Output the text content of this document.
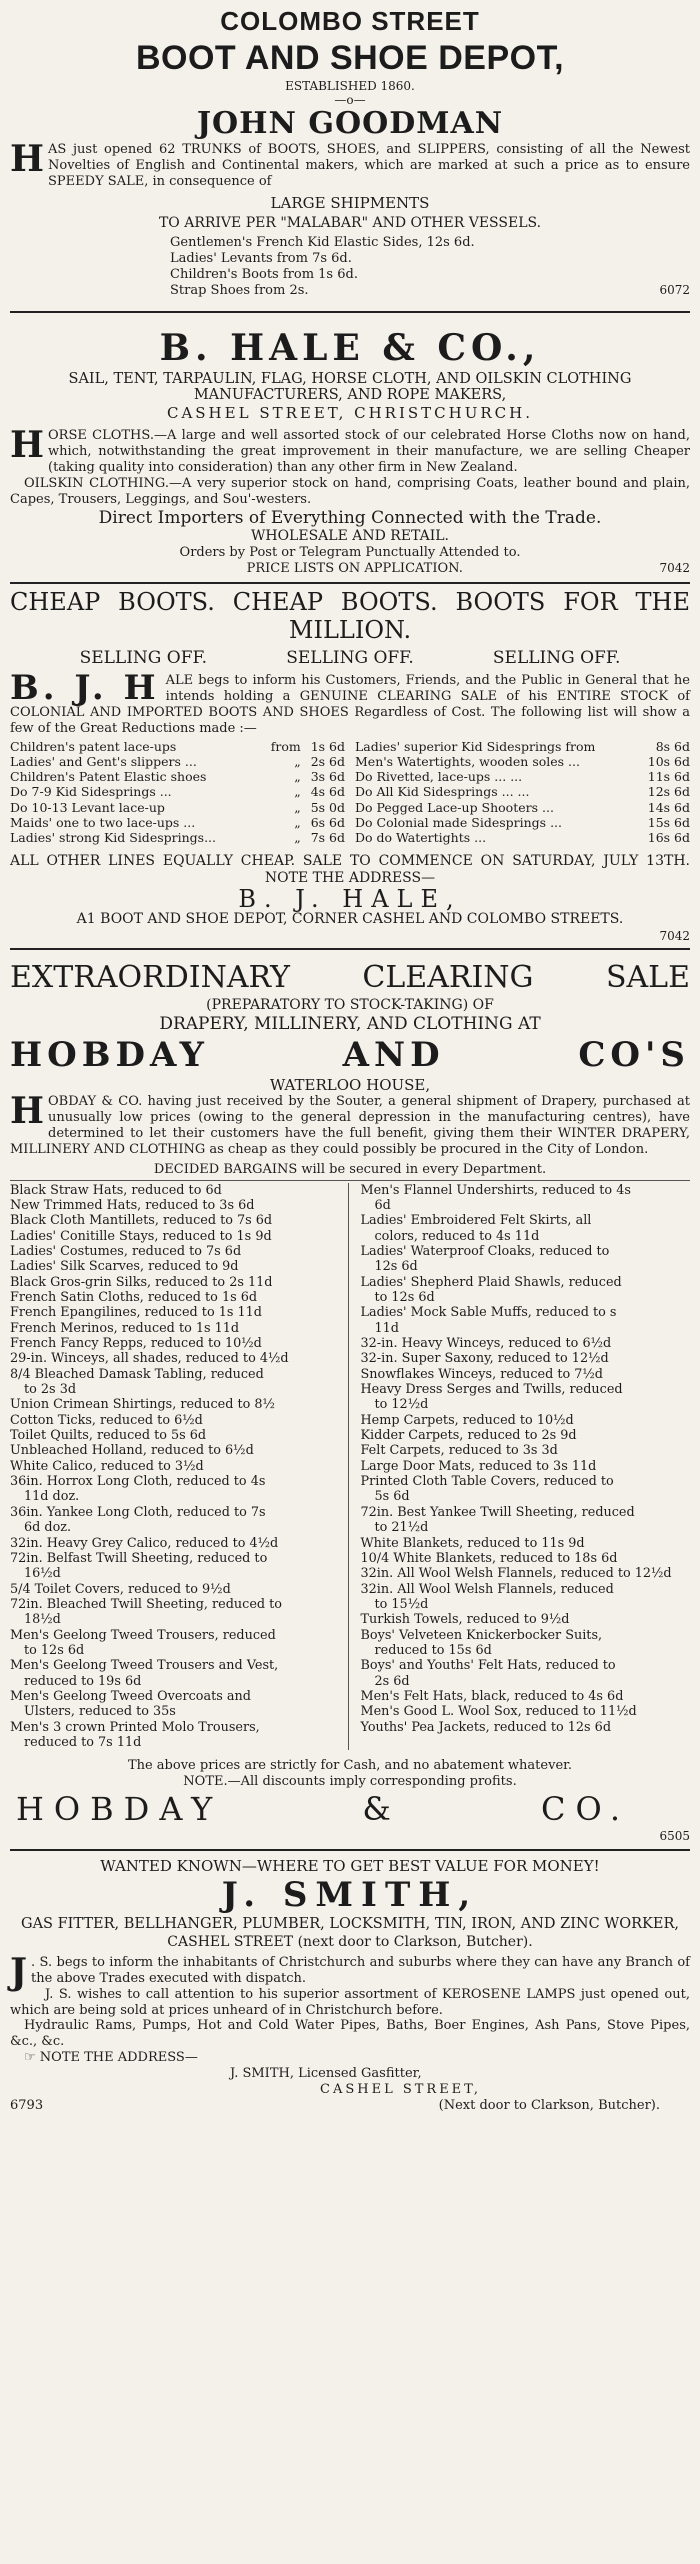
COLOMBO STREET
BOOT AND SHOE DEPOT,
ESTABLISHED 1860.
—o—
JOHN GOODMAN

HAS just opened 62 TRUNKS of BOOTS, SHOES, and SLIPPERS, consisting of all the Newest Novelties of English and Continental makers, which are marked at such a price as to ensure SPEEDY SALE, in consequence of

LARGE SHIPMENTS
TO ARRIVE PER "MALABAR" AND OTHER VESSELS.
Gentlemen's French Kid Elastic Sides, 12s 6d.
Ladies' Levants from 7s 6d.
Children's Boots from 1s 6d.
Strap Shoes from 2s.	6072
B. HALE & CO.,
SAIL, TENT, TARPAULIN, FLAG, HORSE CLOTH, AND OILSKIN CLOTHING MANUFACTURERS, AND ROPE MAKERS,
CASHEL STREET, CHRISTCHURCH.

HORSE CLOTHS.—A large and well assorted stock of our celebrated Horse Cloths now on hand, which, notwithstanding the great improvement in their manufacture, we are selling Cheaper (taking quality into consideration) than any other firm in New Zealand.

OILSKIN CLOTHING.—A very superior stock on hand, comprising Coats, leather bound and plain, Capes, Trousers, Leggings, and Sou'-westers.

Direct Importers of Everything Connected with the Trade.
WHOLESALE AND RETAIL.
Orders by Post or Telegram Punctually Attended to.
PRICE LISTS ON APPLICATION.	7042
CHEAP BOOTS. CHEAP BOOTS. BOOTS FOR THE MILLION.
SELLING OFF.	SELLING OFF.	SELLING OFF.

B. J. H ALE begs to inform his Customers, Friends, and the Public in General that he intends holding a GENUINE CLEARING SALE of his ENTIRE STOCK of COLONIAL AND IMPORTED BOOTS AND SHOES Regardless of Cost. The following list will show a few of the Great Reductions made :—

Children's patent lace-ups	from 1s 6d
Ladies' and Gent's slippers ...	„ 2s 6d
Children's Patent Elastic shoes	„ 3s 6d
Do 7-9 Kid Sidesprings ...	„ 4s 6d
Do 10-13 Levant lace-up	„ 5s 0d
Maids' one to two lace-ups ...	„ 6s 6d
Ladies' strong Kid Sidesprings...	„ 7s 6d
Ladies' superior Kid Sidesprings from	8s 6d
Men's Watertights, wooden soles ...	10s 6d
Do Rivetted, lace-ups ... ...	11s 6d
Do All Kid Sidesprings ... ...	12s 6d
Do Pegged Lace-up Shooters ...	14s 6d
Do Colonial made Sidesprings ...	15s 6d
Do do Watertights ...	16s 6d

ALL OTHER LINES EQUALLY CHEAP. SALE TO COMMENCE ON SATURDAY, JULY 13TH. NOTE THE ADDRESS—

B. J. HALE,
A1 BOOT AND SHOE DEPOT, CORNER CASHEL AND COLOMBO STREETS.
7042
EXTRAORDINARY CLEARING SALE
(PREPARATORY TO STOCK-TAKING) OF
DRAPERY, MILLINERY, AND CLOTHING AT
HOBDAY	AND	CO'S
WATERLOO HOUSE,

HOBDAY & CO. having just received by the Souter, a general shipment of Drapery, purchased at unusually low prices (owing to the general depression in the manufacturing centres), have determined to let their customers have the full benefit, giving them their WINTER DRAPERY, MILLINERY AND CLOTHING as cheap as they could possibly be procured in the City of London.

DECIDED BARGAINS will be secured in every Department.
Black Straw Hats, reduced to 6d
New Trimmed Hats, reduced to 3s 6d
Black Cloth Mantillets, reduced to 7s 6d
Ladies' Conitille Stays, reduced to 1s 9d
Ladies' Costumes, reduced to 7s 6d
Ladies' Silk Scarves, reduced to 9d
Black Gros-grin Silks, reduced to 2s 11d
French Satin Cloths, reduced to 1s 6d
French Epangilines, reduced to 1s 11d
French Merinos, reduced to 1s 11d
French Fancy Repps, reduced to 10½d
29-in. Winceys, all shades, reduced to 4½d
8/4 Bleached Damask Tabling, reduced
to 2s 3d
Union Crimean Shirtings, reduced to 8½
Cotton Ticks, reduced to 6½d
Toilet Quilts, reduced to 5s 6d
Unbleached Holland, reduced to 6½d
White Calico, reduced to 3½d
36in. Horrox Long Cloth, reduced to 4s
11d doz.
36in. Yankee Long Cloth, reduced to 7s
6d doz.
32in. Heavy Grey Calico, reduced to 4½d
72in. Belfast Twill Sheeting, reduced to
16½d
5/4 Toilet Covers, reduced to 9½d
72in. Bleached Twill Sheeting, reduced to
18½d
Men's Geelong Tweed Trousers, reduced
to 12s 6d
Men's Geelong Tweed Trousers and Vest,
reduced to 19s 6d
Men's Geelong Tweed Overcoats and
Ulsters, reduced to 35s
Men's 3 crown Printed Molo Trousers,
reduced to 7s 11d
Men's Flannel Undershirts, reduced to 4s
6d
Ladies' Embroidered Felt Skirts, all
colors, reduced to 4s 11d
Ladies' Waterproof Cloaks, reduced to
12s 6d
Ladies' Shepherd Plaid Shawls, reduced
to 12s 6d
Ladies' Mock Sable Muffs, reduced to s
11d
32-in. Heavy Winceys, reduced to 6½d
32-in. Super Saxony, reduced to 12½d
Snowflakes Winceys, reduced to 7½d
Heavy Dress Serges and Twills, reduced
to 12½d
Hemp Carpets, reduced to 10½d
Kidder Carpets, reduced to 2s 9d
Felt Carpets, reduced to 3s 3d
Large Door Mats, reduced to 3s 11d
Printed Cloth Table Covers, reduced to
5s 6d
72in. Best Yankee Twill Sheeting, reduced
to 21½d
White Blankets, reduced to 11s 9d
10/4 White Blankets, reduced to 18s 6d
32in. All Wool Welsh Flannels, reduced to 12½d
32in. All Wool Welsh Flannels, reduced
to 15½d
Turkish Towels, reduced to 9½d
Boys' Velveteen Knickerbocker Suits,
reduced to 15s 6d
Boys' and Youths' Felt Hats, reduced to
2s 6d
Men's Felt Hats, black, reduced to 4s 6d
Men's Good L. Wool Sox, reduced to 11½d
Youths' Pea Jackets, reduced to 12s 6d
The above prices are strictly for Cash, and no abatement whatever.
NOTE.—All discounts imply corresponding profits.
HOBDAY	&	CO.
6505
WANTED KNOWN—WHERE TO GET BEST VALUE FOR MONEY!
J. SMITH,
GAS FITTER, BELLHANGER, PLUMBER, LOCKSMITH, TIN, IRON, AND ZINC WORKER,
CASHEL STREET (next door to Clarkson, Butcher).

J . S. begs to inform the inhabitants of Christchurch and suburbs where they can have any Branch of the above Trades executed with dispatch.

J. S. wishes to call attention to his superior assortment of KEROSENE LAMPS just opened out, which are being sold at prices unheard of in Christchurch before.

Hydraulic Rams, Pumps, Hot and Cold Water Pipes, Baths, Boer Engines, Ash Pans, Stove Pipes, &c., &c.

☞ NOTE THE ADDRESS—
J. SMITH, Licensed Gasfitter,
CASHEL STREET,
6793	(Next door to Clarkson, Butcher).
